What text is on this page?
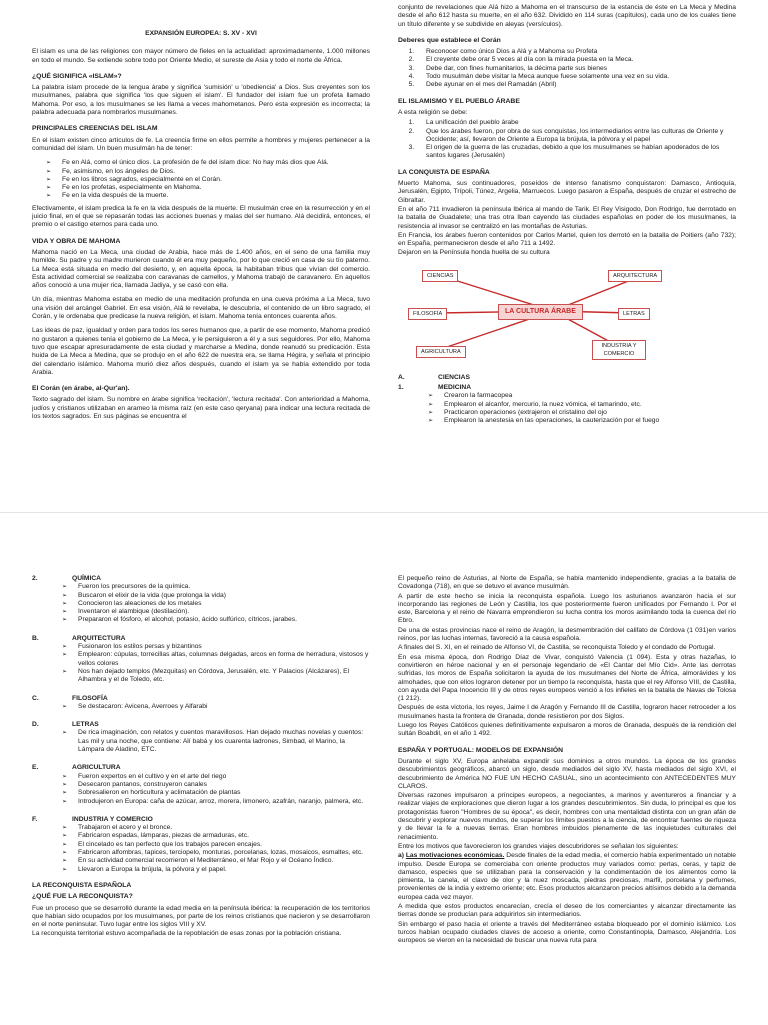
EXPANSIÓN EUROPEA: S. XV - XVI

El islam es una de las religiones con mayor número de fieles en la actualidad: aproximadamente, 1.000 millones en todo el mundo. Se extiende sobre todo por Oriente Medio, el sureste de Asia y todo el norte de África.

¿QUÉ SIGNIFICA «ISLAM»?

La palabra islam procede de la lengua árabe y significa 'sumisión' u 'obediencia' a Dios. Sus creyentes son los musulmanes, palabra que significa 'los que siguen el islam'. El fundador del islam fue un profeta llamado Mahoma. Por eso, a los musulmanes se les llama a veces mahometanos. Pero esta expresión es incorrecta; la palabra adecuada para nombrarlos musulmanes.

PRINCIPALES CREENCIAS DEL ISLAM

En el islam existen cinco artículos de fe. La creencia firme en ellos permite a hombres y mujeres pertenecer a la comunidad del islam. Un buen musulmán ha de tener:

➢ Fe en Alá, como el único dios. La profesión de fe del islam dice: No hay más dios que Alá.
➢ Fe, asimismo, en los ángeles de Dios.
➢ Fe en los libros sagrados, especialmente en el Corán.
➢ Fe en los profetas, especialmente en Mahoma.
➢ Fe en la vida después de la muerte.

Efectivamente, el islam predica la fe en la vida después de la muerte. El musulmán cree en la resurrección y en el juicio final, en el que se repasarán todas las acciones buenas y malas del ser humano. Alá decidirá, entonces, el premio o el castigo eternos para cada uno.

VIDA Y OBRA DE MAHOMA

Mahoma nació en La Meca, una ciudad de Arabia, hace más de 1.400 años, en el seno de una familia muy humilde. Su padre y su madre murieron cuando él era muy pequeño, por lo que creció en casa de su tío paterno. La Meca está situada en medio del desierto, y, en aquella época, la habitaban tribus que vivían del comercio. Esta actividad comercial se realizaba con caravanas de camellos, y Mahoma trabajó de caravanero. En aquellos años conoció a una mujer rica, llamada Jadiya, y se casó con ella.

Un día, mientras Mahoma estaba en medio de una meditación profunda en una cueva próxima a La Meca, tuvo una visión del arcángel Gabriel. En esa visión, Alá le revelaba, le descubría, el contenido de un libro sagrado, el Corán, y le ordenaba que predicase la nueva religión, el islam. Mahoma tenía entonces cuarenta años.

Las ideas de paz, igualdad y orden para todos los seres humanos que, a partir de ese momento, Mahoma predicó no gustaron a quienes tenía el gobierno de La Meca, y le persiguieron a él y a sus seguidores. Por ello, Mahoma tuvo que escapar apresuradamente de esta ciudad y marcharse a Medina, donde reanudó su predicación. Esta huida de La Meca a Medina, que se produjo en el año 622 de nuestra era, se llama Hégira, y señala el principio del calendario islámico. Mahoma murió diez años después, cuando el islam ya se había extendido por toda Arabia.

El Corán (en árabe, al-Qur'an).

Texto sagrado del islam. Su nombre en árabe significa 'recitación', 'lectura recitada'. Con anterioridad a Mahoma, judíos y cristianos utilizaban en arameo la misma raíz (en este caso qeryana) para indicar una lectura recitada de los textos sagrados. En sus páginas se encuentra el

conjunto de revelaciones que Alá hizo a Mahoma en el transcurso de la estancia de éste en La Meca y Medina desde el año 612 hasta su muerte, en el año 632. Dividido en 114 suras (capítulos), cada uno de los cuales tiene un título diferente y se subdivide en aleyas (versículos).

Deberes que establece el Corán
1. Reconocer como único Dios a Alá y a Mahoma su Profeta
2. El creyente debe orar 5 veces al día con la mirada puesta en la Meca.
3. Debe dar, con fines humanitarios, la décima parte sus bienes
4. Todo musulmán debe visitar la Meca aunque fuese solamente una vez en su vida.
5. Debe ayunar en el mes del Ramadán (Abril)
EL ISLAMISMO Y EL PUEBLO ÁRABE

A esta religión se debe:

1. La unificación del pueblo árabe
2. Que los árabes fueron, por obra de sus conquistas, los intermediarios entre las culturas de Oriente y Occidente; así, llevaron de Oriente a Europa la brújula, la pólvora y el papel
3. El origen de la guerra de las cruzadas, debido a que los musulmanes se habían apoderados de los santos lugares (Jerusalén)
LA CONQUISTA DE ESPAÑA

Muerto Mahoma, sus continuadores, poseídos de intenso fanatismo conquistaron: Damasco, Antioquía, Jerusalén, Egipto, Trípoli, Túnez, Argelia, Marruecos. Luego pasaron a España, después de cruzar el estrecho de Gibraltar.

En el año 711 invadieron la península Ibérica al mando de Tarik. El Rey Visigodo, Don Rodrigo, fue derrotado en la batalla de Guadalete; una tras otra Iban cayendo las ciudades españolas en poder de los musulmanes, la resistencia al invasor se centralizó en las montañas de Asturias.

En Francia, los árabes fueron contenidos por Carlos Martel, quien los derrotó en la batalla de Poitiers (año 732); en España, permanecieron desde el año 711 a 1492.

Dejaron en la Península honda huella de su cultura

CIENCIAS	ARQUITECTURA
FILOSOFÍA	LETRAS
AGRICULTURA
INDUSTRIA Y COMERCIO
LA CULTURA ÁRABE
A.	CIENCIAS
1.	MEDICINA
➢ Crearon la farmacopea
➢ Emplearon el alcanfor, mercurio, la nuez vómica, el tamarindo, etc.
➢ Practicaron operaciones (extrajeron el cristalino del ojo
➢ Emplearon la anestesia en las operaciones, la cauterización por el fuego
2.	QUÍMICA
➢ Fueron los precursores de la química.
➢ Buscaron el elixir de la vida (que prolonga la vida)
➢ Conocieron las aleaciones de los metales
➢ Inventaron el alambique (destilación).
➢ Prepararon el fósforo, el alcohol, potasio, ácido sulfúrico, cítricos, jarabes.
B.	ARQUITECTURA
➢ Fusionaron los estilos persas y bizantinos
➢ Emplearon: cúpulas, torrecillas altas, columnas delgadas, arcos en forma de herradura, vistosos y vellos colores
➢ Nos han dejado templos (Mezquitas) en Córdova, Jerusalén, etc. Y Palacios (Alcázares), El Alhambra y el de Toledo, etc.
C.	FILOSOFÍA
➢ Se destacaron: Avicena, Averroes y Alfarabi
D.	LETRAS
➢ De rica imaginación, con relatos y cuentos maravillosos. Han dejado muchas novelas y cuentos: Las mil y una noche, que contiene: Alí babá y los cuarenta ladrones, Simbad, el Marino, la Lámpara de Aladino, ETC.
E.	AGRICULTURA
➢ Fueron expertos en el cultivo y en el arte del riego
➢ Desecaron pantanos, construyeron canales
➢ Sobresalieron en horticultura y aclimatación de plantas
➢ Introdujeron en Europa: caña de azúcar, arroz, morera, limonero, azafrán, naranjo, palmera, etc.
F.	INDUSTRIA Y COMERCIO
➢ Trabajaron el acero y el bronce.
➢ Fabricaron espadas, lámparas, piezas de armaduras, etc.
➢ El cincelado es tan perfecto que los trabajos parecen encajes.
➢ Fabricaron alfombras, tapices, terciopelo, monturas, porcelanas, lozas, mosaicos, esmaltes, etc.
➢ En su actividad comercial recorrieron el Mediterráneo, el Mar Rojo y el Océano Índico.
➢ Llevaron a Europa la brújula, la pólvora y el papel.
LA RECONQUISTA ESPAÑOLA
¿QUÉ FUE LA RECONQUISTA?

Fue un proceso que se desarrolló durante la edad media en la península ibérica: la recuperación de los territorios que habían sido ocupados por los musulmanes, por parte de los reinos cristianos que nacieron y se desarrollaron en el norte peninsular. Tuvo lugar entre los siglos VIII y XV.

La reconquista territorial estuvo acompañada de la repoblación de esas zonas por la población cristiana.

El pequeño reino de Asturias, al Norte de España, se había mantenido independiente, gracias a la batalla de Covadonga (718), en que se detuvo el avance musulmán.

A partir de este hecho se inicia la reconquista española. Luego los asturianos avanzaron hacia el sur incorporando las regiones de León y Castilla, los que posteriormente fueron unificados por Fernando I. Por el este, Barcelona y el reino de Navarra emprendieron su lucha contra los moros asimilando toda la cuenca del río Ebro.

De una de estas provincias nace el reino de Aragón, la desmembración del califato de Córdova (1 031)en varios reinos, por las luchas internas, favoreció a la causa española.

A finales del S. XI, en el reinado de Alfonso VI, de Castilla, se reconquista Toledo y el condado de Portugal.

En esa misma época, don Rodrigo Díaz de Vivar, conquistó Valencia (1 094). Esta y otras hazañas, lo convirtieron en héroe nacional y en el personaje legendario de «El Cantar del Mío Cid». Ante las derrotas sufridas, los moros de España solicitaron la ayuda de los musulmanes del Norte de África, almorávides y los almohades, que con ellos lograron detener por un tiempo la reconquista, hasta que el rey Alfonso VIII, de Castilla, con ayuda del Papa Inocencio III y de otros reyes europeos venció a los infieles en la batalla de Navas de Tolosa (1 212).

Después de esta victoria, los reyes, Jaime I de Aragón y Fernando III de Castilla, lograron hacer retroceder a los musulmanes hasta la frontera de Granada, donde resistieron por dos Siglos.

Luego los Reyes Católicos quienes definitivamente expulsaron a moros de Granada, después de la rendición del sultán Boabdil, en el año 1 492.

ESPAÑA Y PORTUGAL: MODELOS DE EXPANSIÓN

Durante el siglo XV, Europa anhelaba expandir sus dominios a otros mundos. La época de los grandes descubrimientos geográficos, abarcó un siglo, desde mediados del siglo XV, hasta mediados del siglo XVI, el descubrimiento de América NO FUE UN HECHO CASUAL, sino un acontecimiento con ANTECEDENTES MUY CLAROS.

Diversas razones impulsaron a príncipes europeos, a negociantes, a marinos y aventureros a financiar y a realizar viajes de exploraciones que dieron lugar a los grandes descubrimientos. Sin duda, lo principal es que los protagonistas fueron "Hombres de su época", es decir, hombres con una mentalidad distinta con un gran afán de descubrir y explorar nuevos mundos, de superar los límites puestos a la ciencia, de encontrar fuentes de riqueza y de llevar la fe a nuevas tierras. Eran hombres imbuidos plenamente de las inquietudes culturales del renacimiento.

Entre los motivos que favorecieron los grandes viajes descubridores se señalan los siguientes:

a) Las motivaciones económicas. Desde finales de la edad media, el comercio había experimentado un notable impulso. Desde Europa se comerciaba con oriente productos muy variados como: perlas, ceras, y tapiz de damasco, especies que se utilizaban para la conservación y la condimentación de los alimentos como la pimienta, la canela, el clavo de olor y la nuez moscada, piedras preciosas, marfil, porcelana y perfumes, provenientes de la india y extremo oriente; etc. Esos productos alcanzaron precios altísimos debido a la demanda europea cada vez mayor.

A medida que estos productos encarecían, crecía el deseo de los comerciantes y alcanzar directamente las tierras donde se producían para adquirirlos sin intermediarios.

Sin embargo el paso hacia el oriente a través del Mediterráneo estaba bloqueado por el dominio islámico. Los turcos habían ocupado ciudades claves de acceso a oriente, como Constantinopla, Damasco, Alejandría. Los europeos se vieron en la necesidad de buscar una nueva ruta para
